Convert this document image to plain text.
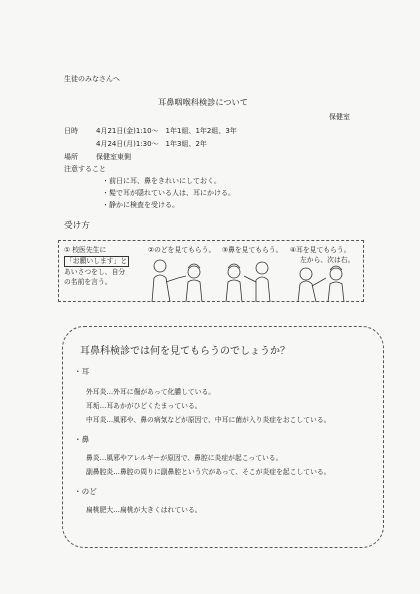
生徒のみなさんへ
耳鼻咽喉科検診について
保健室
日時	4月21日(金)1:10～　1年1組、1年2組、3年
4月24日(月)1:30～　1年3組、2年
場所	保健室東側
注意すること
・前日に耳、鼻をきれいにしておく。
・髪で耳が隠れている人は、耳にかける。
・静かに検査を受ける。
受け方
① 校医先生に
「お願いします」と
あいさつをし、自分
の名前を言う。
②のどを見てもらう。 ③鼻を見てもらう。 ④耳を見てもらう。
左から、次は右。
耳鼻科検診では何を見てもらうのでしょうか？
・耳
外耳炎…外耳に傷があって化膿している。
耳垢…耳あかがひどくたまっている。
中耳炎…風邪や、鼻の病気などが原因で、中耳に菌が入り炎症をおこしている。
・鼻
鼻炎…風邪やアレルギーが原因で、鼻腔に炎症が起こっている。
副鼻腔炎…鼻腔の周りに副鼻腔という穴があって、そこが炎症を起こしている。
・のど
扁桃肥大…扁桃が大きくはれている。
